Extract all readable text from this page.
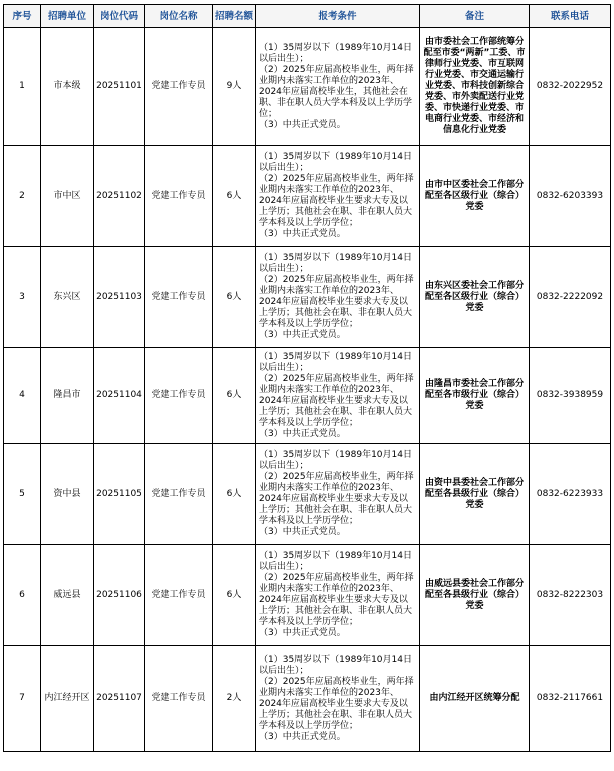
序号	招聘单位	岗位代码	岗位名称	招聘名额	报考条件	备注	联系电话
1	市本级	20251101	党建工作专员	9人	（1）35周岁以下（1989年10月14日以后出生）；
（2）2025年应届高校毕业生，两年择业期内未落实工作单位的2023年、2024年应届高校毕业生，其他社会在职、非在职人员大学本科及以上学历学位；
（3）中共正式党员。	由市委社会工作部统筹分配至市委“两新”工委、市律师行业党委、市互联网行业党委、市交通运输行业党委、市科技创新综合党委、市外卖配送行业党委、市快递行业党委、市电商行业党委、市经济和信息化行业党委	0832-2022952
2	市中区	20251102	党建工作专员	6人	（1）35周岁以下（1989年10月14日以后出生）；
（2）2025年应届高校毕业生，两年择业期内未落实工作单位的2023年、2024年应届高校毕业生要求大专及以上学历；其他社会在职、非在职人员大学本科及以上学历学位；
（3）中共正式党员。	由市中区委社会工作部分配至各区级行业（综合）党委	0832-6203393
3	东兴区	20251103	党建工作专员	6人	（1）35周岁以下（1989年10月14日以后出生）；
（2）2025年应届高校毕业生，两年择业期内未落实工作单位的2023年、2024年应届高校毕业生要求大专及以上学历；其他社会在职、非在职人员大学本科及以上学历学位；
（3）中共正式党员。	由东兴区委社会工作部分配至各区级行业（综合）党委	0832-2222092
4	隆昌市	20251104	党建工作专员	6人	（1）35周岁以下（1989年10月14日以后出生）；
（2）2025年应届高校毕业生，两年择业期内未落实工作单位的2023年、2024年应届高校毕业生要求大专及以上学历；其他社会在职、非在职人员大学本科及以上学历学位；
（3）中共正式党员。	由隆昌市委社会工作部分配至各市级行业（综合）党委	0832-3938959
5	资中县	20251105	党建工作专员	6人	（1）35周岁以下（1989年10月14日以后出生）；
（2）2025年应届高校毕业生，两年择业期内未落实工作单位的2023年、2024年应届高校毕业生要求大专及以上学历；其他社会在职、非在职人员大学本科及以上学历学位；
（3）中共正式党员。	由资中县委社会工作部分配至各县级行业（综合）党委	0832-6223933
6	威远县	20251106	党建工作专员	6人	（1）35周岁以下（1989年10月14日以后出生）；
（2）2025年应届高校毕业生，两年择业期内未落实工作单位的2023年、2024年应届高校毕业生要求大专及以上学历；其他社会在职、非在职人员大学本科及以上学历学位；
（3）中共正式党员。	由威远县委社会工作部分配至各县级行业（综合）党委	0832-8222303
7	内江经开区	20251107	党建工作专员	2人	（1）35周岁以下（1989年10月14日以后出生）；
（2）2025年应届高校毕业生，两年择业期内未落实工作单位的2023年、2024年应届高校毕业生要求大专及以上学历；其他社会在职、非在职人员大学本科及以上学历学位；
（3）中共正式党员。	由内江经开区统筹分配	0832-2117661
